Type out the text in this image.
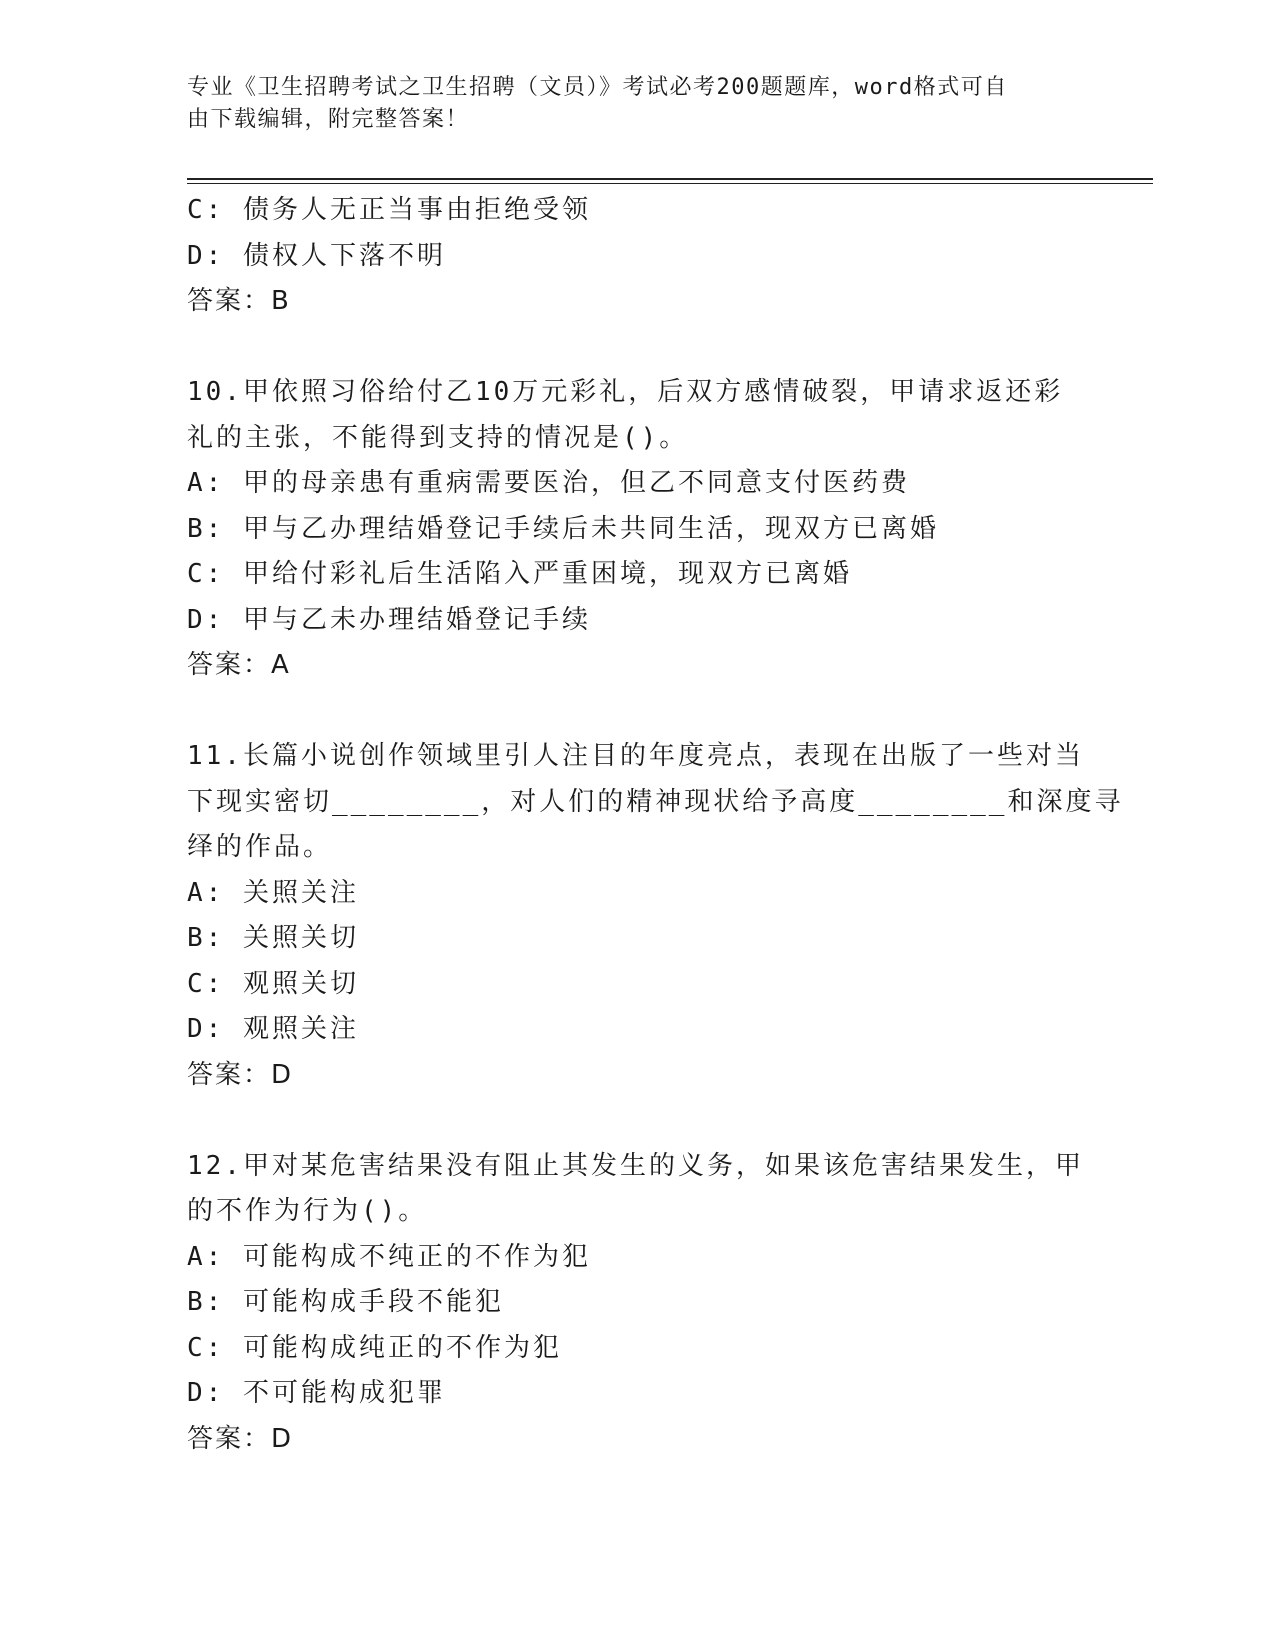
专业《卫生招聘考试之卫生招聘（文员）》考试必考200题题库，word格式可自
由下载编辑，附完整答案！
C: 债务人无正当事由拒绝受领
D: 债权人下落不明
答案：B
10.甲依照习俗给付乙10万元彩礼，后双方感情破裂，甲请求返还彩
礼的主张，不能得到支持的情况是()。
A: 甲的母亲患有重病需要医治，但乙不同意支付医药费
B: 甲与乙办理结婚登记手续后未共同生活，现双方已离婚
C: 甲给付彩礼后生活陷入严重困境，现双方已离婚
D: 甲与乙未办理结婚登记手续
答案：A
11.长篇小说创作领域里引人注目的年度亮点，表现在出版了一些对当
下现实密切________，对人们的精神现状给予高度________和深度寻
绎的作品。
A: 关照关注
B: 关照关切
C: 观照关切
D: 观照关注
答案：D
12.甲对某危害结果没有阻止其发生的义务，如果该危害结果发生，甲
的不作为行为()。
A: 可能构成不纯正的不作为犯
B: 可能构成手段不能犯
C: 可能构成纯正的不作为犯
D: 不可能构成犯罪
答案：D
